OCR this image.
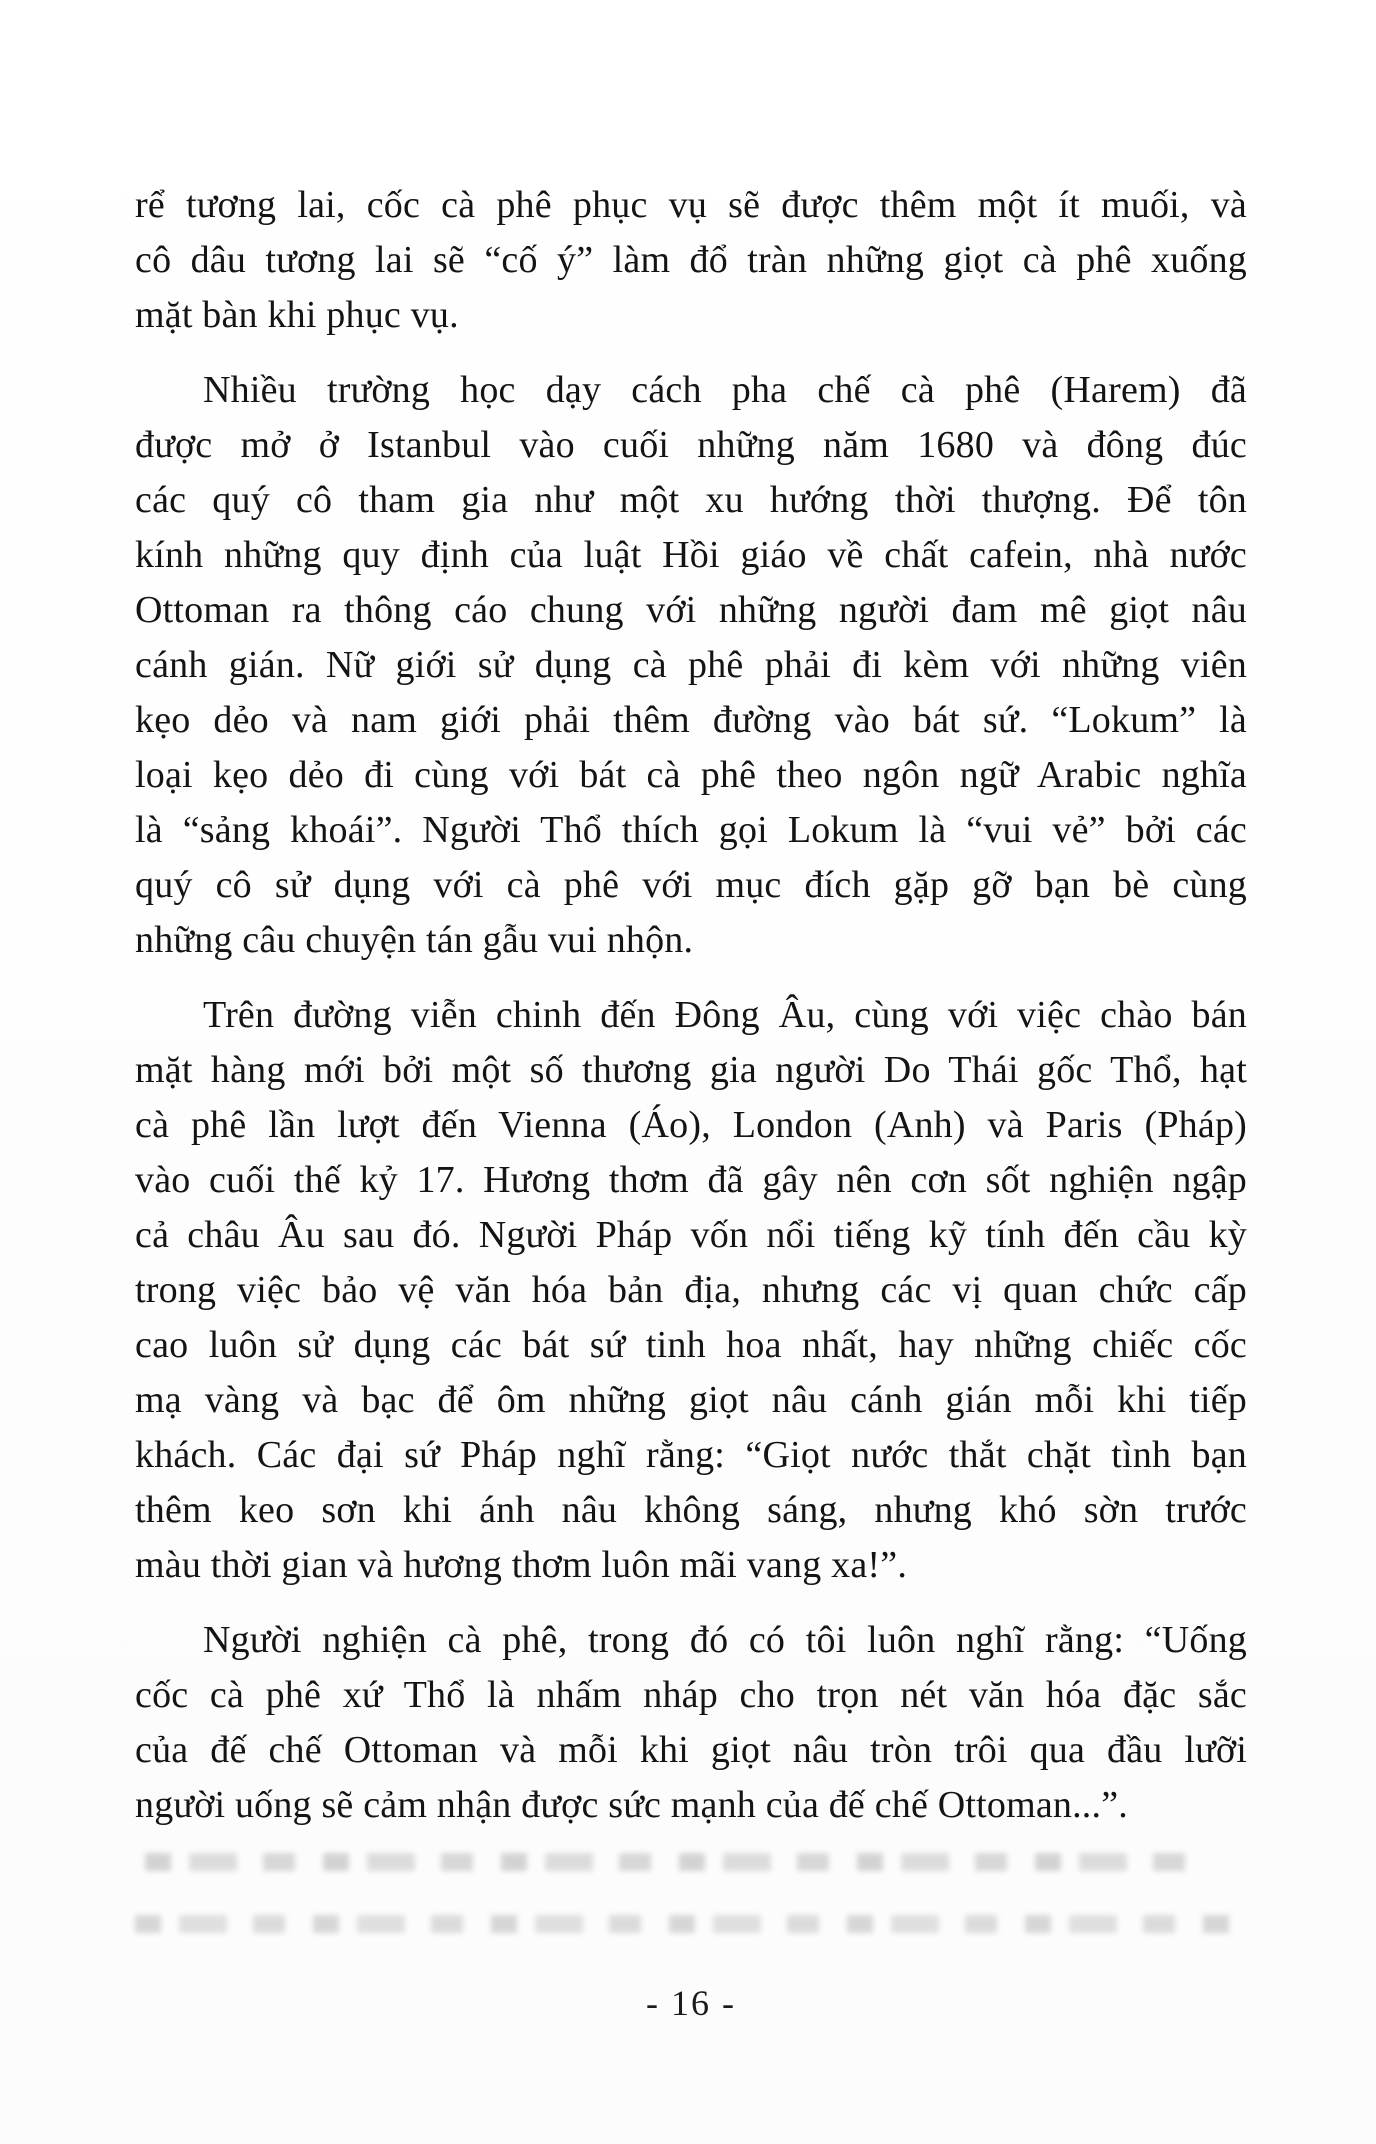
rể tương lai, cốc cà phê phục vụ sẽ được thêm một ít muối, và
cô dâu tương lai sẽ “cố ý” làm đổ tràn những giọt cà phê xuống
mặt bàn khi phục vụ.
Nhiều trường học dạy cách pha chế cà phê (Harem) đã
được mở ở Istanbul vào cuối những năm 1680 và đông đúc
các quý cô tham gia như một xu hướng thời thượng. Để tôn
kính những quy định của luật Hồi giáo về chất cafein, nhà nước
Ottoman ra thông cáo chung với những người đam mê giọt nâu
cánh gián. Nữ giới sử dụng cà phê phải đi kèm với những viên
kẹo dẻo và nam giới phải thêm đường vào bát sứ. “Lokum” là
loại kẹo dẻo đi cùng với bát cà phê theo ngôn ngữ Arabic nghĩa
là “sảng khoái”. Người Thổ thích gọi Lokum là “vui vẻ” bởi các
quý cô sử dụng với cà phê với mục đích gặp gỡ bạn bè cùng
những câu chuyện tán gẫu vui nhộn.
Trên đường viễn chinh đến Đông Âu, cùng với việc chào bán
mặt hàng mới bởi một số thương gia người Do Thái gốc Thổ, hạt
cà phê lần lượt đến Vienna (Áo), London (Anh) và Paris (Pháp)
vào cuối thế kỷ 17. Hương thơm đã gây nên cơn sốt nghiện ngập
cả châu Âu sau đó. Người Pháp vốn nổi tiếng kỹ tính đến cầu kỳ
trong việc bảo vệ văn hóa bản địa, nhưng các vị quan chức cấp
cao luôn sử dụng các bát sứ tinh hoa nhất, hay những chiếc cốc
mạ vàng và bạc để ôm những giọt nâu cánh gián mỗi khi tiếp
khách. Các đại sứ Pháp nghĩ rằng: “Giọt nước thắt chặt tình bạn
thêm keo sơn khi ánh nâu không sáng, nhưng khó sờn trước
màu thời gian và hương thơm luôn mãi vang xa!”.
Người nghiện cà phê, trong đó có tôi luôn nghĩ rằng: “Uống
cốc cà phê xứ Thổ là nhấm nháp cho trọn nét văn hóa đặc sắc
của đế chế Ottoman và mỗi khi giọt nâu tròn trôi qua đầu lưỡi
người uống sẽ cảm nhận được sức mạnh của đế chế Ottoman...”.
- 16 -
